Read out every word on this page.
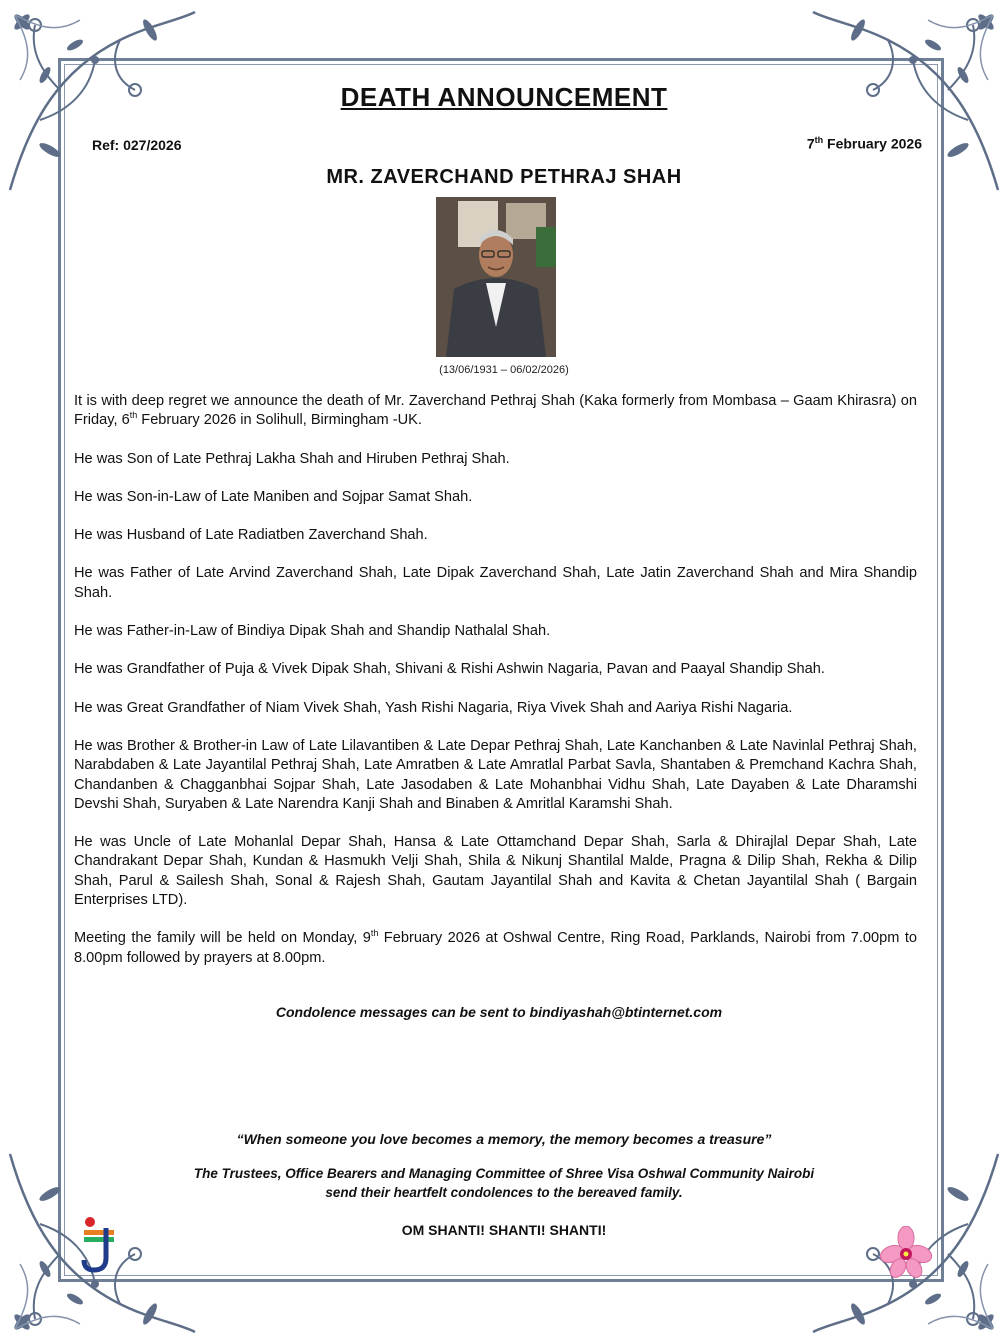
DEATH ANNOUNCEMENT
Ref: 027/2026	7th February 2026
MR. ZAVERCHAND PETHRAJ SHAH
(13/06/1931 – 06/02/2026)

It is with deep regret we announce the death of Mr. Zaverchand Pethraj Shah (Kaka formerly from Mombasa – Gaam Khirasra) on Friday, 6th February 2026 in Solihull, Birmingham -UK.

He was Son of Late Pethraj Lakha Shah and Hiruben Pethraj Shah.

He was Son-in-Law of Late Maniben and Sojpar Samat Shah.

He was Husband of Late Radiatben Zaverchand Shah.

He was Father of Late Arvind Zaverchand Shah, Late Dipak Zaverchand Shah, Late Jatin Zaverchand Shah and Mira Shandip Shah.

He was Father-in-Law of Bindiya Dipak Shah and Shandip Nathalal Shah.

He was Grandfather of Puja & Vivek Dipak Shah, Shivani & Rishi Ashwin Nagaria, Pavan and Paayal Shandip Shah.

He was Great Grandfather of Niam Vivek Shah, Yash Rishi Nagaria, Riya Vivek Shah and Aariya Rishi Nagaria.

He was Brother & Brother-in Law of Late Lilavantiben & Late Depar Pethraj Shah, Late Kanchanben & Late Navinlal Pethraj Shah, Narabdaben & Late Jayantilal Pethraj Shah, Late Amratben & Late Amratlal Parbat Savla, Shantaben & Premchand Kachra Shah, Chandanben & Chagganbhai Sojpar Shah, Late Jasodaben & Late Mohanbhai Vidhu Shah, Late Dayaben & Late Dharamshi Devshi Shah, Suryaben & Late Narendra Kanji Shah and Binaben & Amritlal Karamshi Shah.

He was Uncle of Late Mohanlal Depar Shah, Hansa & Late Ottamchand Depar Shah, Sarla & Dhirajlal Depar Shah, Late Chandrakant Depar Shah, Kundan & Hasmukh Velji Shah, Shila & Nikunj Shantilal Malde, Pragna & Dilip Shah, Rekha & Dilip Shah, Parul & Sailesh Shah, Sonal & Rajesh Shah, Gautam Jayantilal Shah and Kavita & Chetan Jayantilal Shah ( Bargain Enterprises LTD).

Meeting the family will be held on Monday, 9th February 2026 at Oshwal Centre, Ring Road, Parklands, Nairobi from 7.00pm to 8.00pm followed by prayers at 8.00pm.

Condolence messages can be sent to bindiyashah@btinternet.com
“When someone you love becomes a memory, the memory becomes a treasure”
The Trustees, Office Bearers and Managing Committee of Shree Visa Oshwal Community Nairobi
send their heartfelt condolences to the bereaved family.
OM SHANTI! SHANTI! SHANTI!
